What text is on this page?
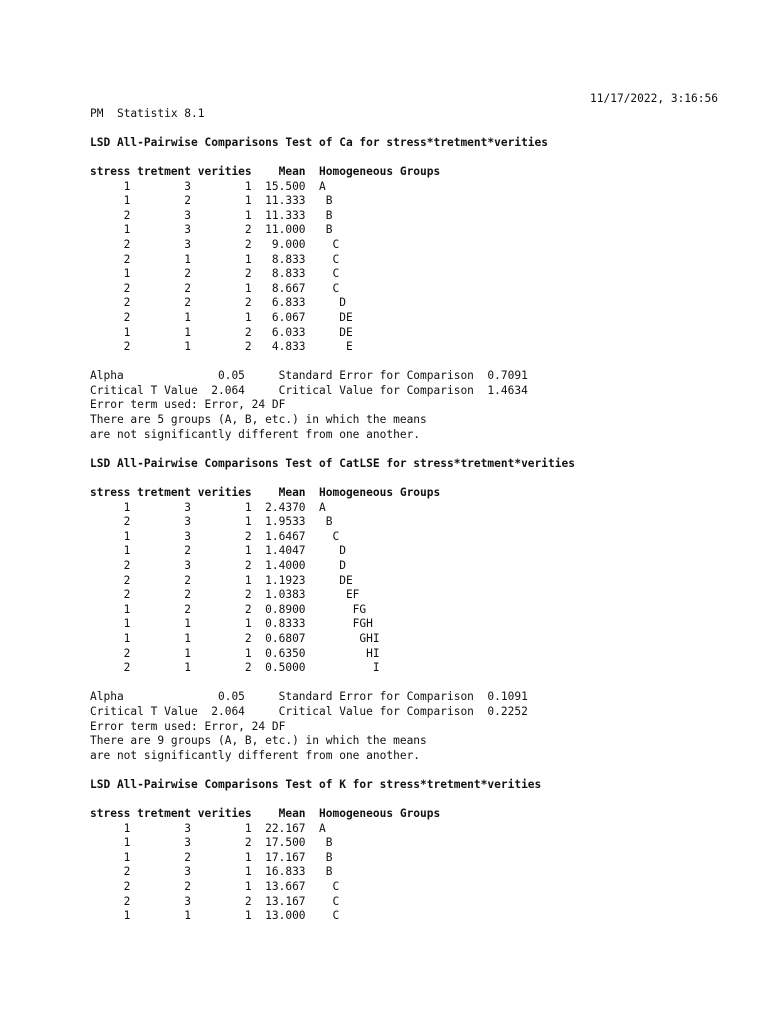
Statistix 8.1

11/17/2022, 3:16:56

PM
LSD All-Pairwise Comparisons Test of Ca for stress*tretment*verities
stress tretment verities    Mean  Homogeneous Groups
1        3        1  15.500  A
1        2        1  11.333   B
2        3        1  11.333   B
1        3        2  11.000   B
2        3        2   9.000    C
2        1        1   8.833    C
1        2        2   8.833    C
2        2        1   8.667    C
2        2        2   6.833     D
2        1        1   6.067     DE
1        1        2   6.033     DE
2        1        2   4.833      E
Alpha              0.05     Standard Error for Comparison  0.7091
Critical T Value  2.064     Critical Value for Comparison  1.4634
Error term used: Error, 24 DF
There are 5 groups (A, B, etc.) in which the means
are not significantly different from one another.
LSD All-Pairwise Comparisons Test of CatLSE for stress*tretment*verities
stress tretment verities    Mean  Homogeneous Groups
1        3        1  2.4370  A
2        3        1  1.9533   B
1        3        2  1.6467    C
1        2        1  1.4047     D
2        3        2  1.4000     D
2        2        1  1.1923     DE
2        2        2  1.0383      EF
1        2        2  0.8900       FG
1        1        1  0.8333       FGH
1        1        2  0.6807        GHI
2        1        1  0.6350         HI
2        1        2  0.5000          I
Alpha              0.05     Standard Error for Comparison  0.1091
Critical T Value  2.064     Critical Value for Comparison  0.2252
Error term used: Error, 24 DF
There are 9 groups (A, B, etc.) in which the means
are not significantly different from one another.
LSD All-Pairwise Comparisons Test of K for stress*tretment*verities
stress tretment verities    Mean  Homogeneous Groups
1        3        1  22.167  A
1        3        2  17.500   B
1        2        1  17.167   B
2        3        1  16.833   B
2        2        1  13.667    C
2        3        2  13.167    C
1        1        1  13.000    C
